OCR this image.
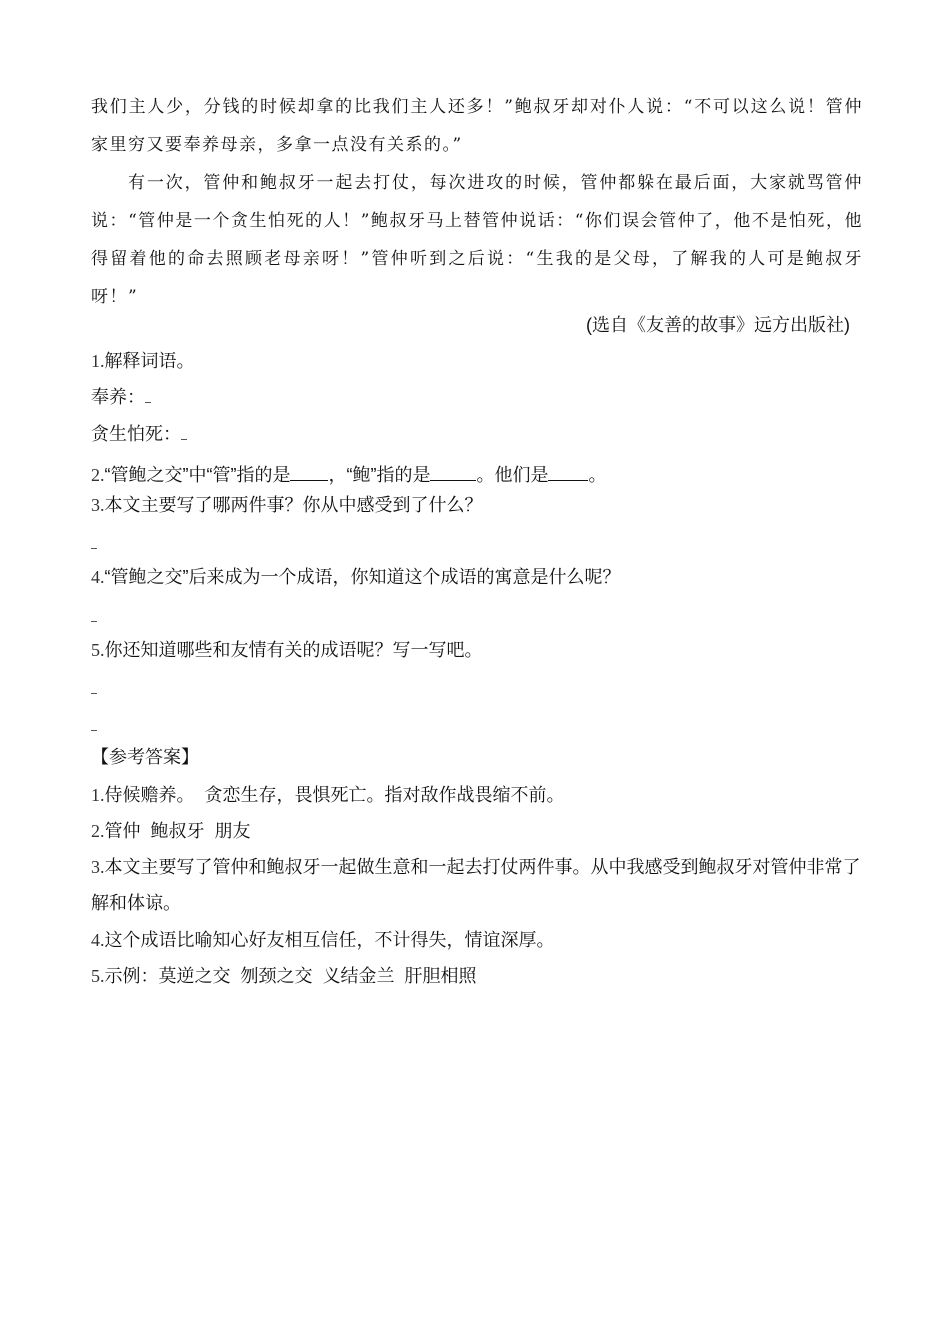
我们主人少，分钱的时候却拿的比我们主人还多！”鲍叔牙却对仆人说：“不可以这么说！管仲家里穷又要奉养母亲，多拿一点没有关系的。”

有一次，管仲和鲍叔牙一起去打仗，每次进攻的时候，管仲都躲在最后面，大家就骂管仲说：“管仲是一个贪生怕死的人！”鲍叔牙马上替管仲说话：“你们误会管仲了，他不是怕死，他得留着他的命去照顾老母亲呀！”管仲听到之后说：“生我的是父母，了解我的人可是鲍叔牙呀！”

(选自《友善的故事》远方出版社)
1.解释词语。
奉养：
贪生怕死：
2.“管鲍之交”中“管”指的是 ，“鲍”指的是	。他们是 。
3.本文主要写了哪两件事？你从中感受到了什么？
4.“管鲍之交”后来成为一个成语，你知道这个成语的寓意是什么呢？
5.你还知道哪些和友情有关的成语呢？写一写吧。
【参考答案】
1.侍候赡养。  贪恋生存，畏惧死亡。指对敌作战畏缩不前。
2.管仲  鲍叔牙  朋友
3.本文主要写了管仲和鲍叔牙一起做生意和一起去打仗两件事。从中我感受到鲍叔牙对管仲非常了解和体谅。
4.这个成语比喻知心好友相互信任，不计得失，情谊深厚。
5.示例：莫逆之交  刎颈之交  义结金兰  肝胆相照
